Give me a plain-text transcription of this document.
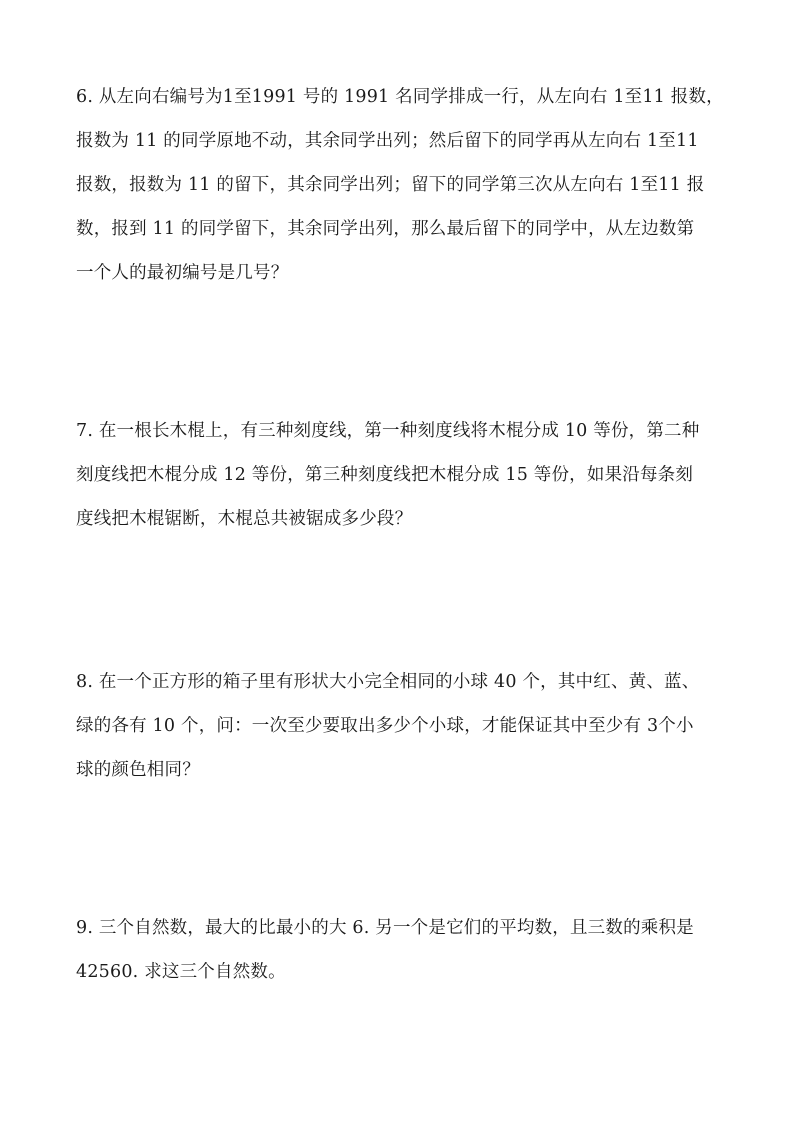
6. 从左向右编号为1至1991 号的 1991 名同学排成一行，从左向右 1至11 报数，
报数为 11 的同学原地不动，其余同学出列；然后留下的同学再从左向右 1至11
报数，报数为 11 的留下，其余同学出列；留下的同学第三次从左向右 1至11 报
数，报到 11 的同学留下，其余同学出列，那么最后留下的同学中，从左边数第
一个人的最初编号是几号？
7. 在一根长木棍上，有三种刻度线，第一种刻度线将木棍分成 10 等份，第二种
刻度线把木棍分成 12 等份，第三种刻度线把木棍分成 15 等份，如果沿每条刻
度线把木棍锯断，木棍总共被锯成多少段？
8. 在一个正方形的箱子里有形状大小完全相同的小球 40 个，其中红、黄、蓝、
绿的各有 10 个，问：一次至少要取出多少个小球，才能保证其中至少有 3个小
球的颜色相同？
9. 三个自然数，最大的比最小的大 6. 另一个是它们的平均数，且三数的乘积是
42560. 求这三个自然数。
